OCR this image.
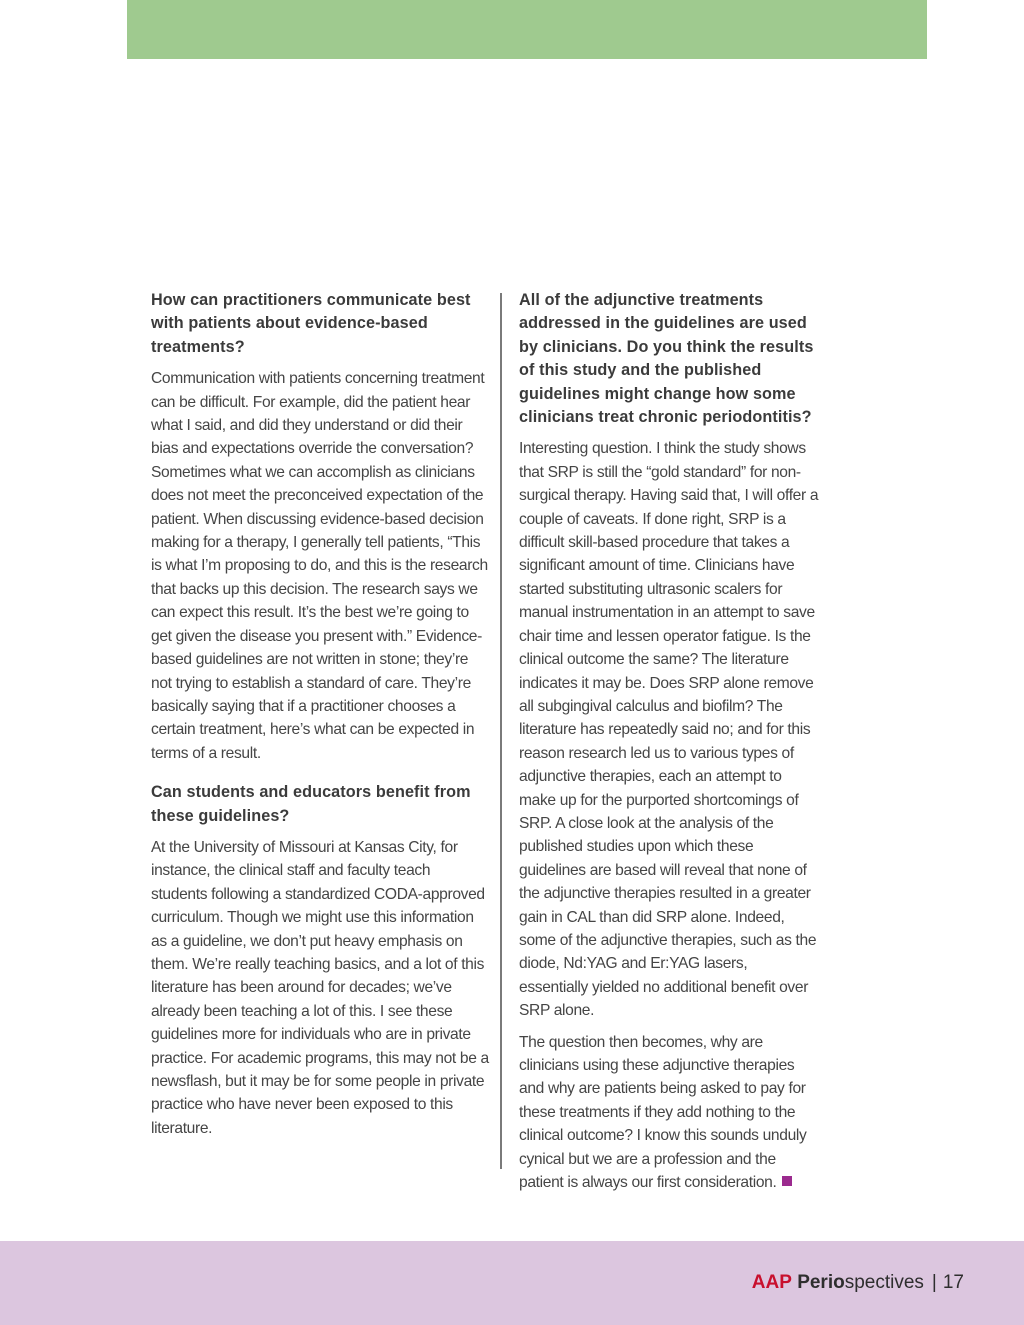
How can practitioners communicate best with patients about evidence-based treatments?

Communication with patients concerning treatment can be difficult. For example, did the patient hear what I said, and did they understand or did their bias and expectations override the conversation? Sometimes what we can accomplish as clinicians does not meet the preconceived expectation of the patient. When discussing evidence-based decision making for a therapy, I generally tell patients, “This is what I’m proposing to do, and this is the research that backs up this decision. The research says we can expect this result. It’s the best we’re going to get given the disease you present with.” Evidence-based guidelines are not written in stone; they’re not trying to establish a standard of care. They’re basically saying that if a practitioner chooses a certain treatment, here’s what can be expected in terms of a result.

Can students and educators benefit from these guidelines?

At the University of Missouri at Kansas City, for instance, the clinical staff and faculty teach students following a standardized CODA-approved curriculum. Though we might use this information as a guideline, we don’t put heavy emphasis on them. We’re really teaching basics, and a lot of this literature has been around for decades; we’ve already been teaching a lot of this. I see these guidelines more for individuals who are in private practice. For academic programs, this may not be a newsflash, but it may be for some people in private practice who have never been exposed to this literature.

All of the adjunctive treatments addressed in the guidelines are used by clinicians. Do you think the results of this study and the published guidelines might change how some clinicians treat chronic periodontitis?

Interesting question. I think the study shows that SRP is still the “gold standard” for non-surgical therapy. Having said that, I will offer a couple of caveats. If done right, SRP is a difficult skill-based procedure that takes a significant amount of time. Clinicians have started substituting ultrasonic scalers for manual instrumentation in an attempt to save chair time and lessen operator fatigue. Is the clinical outcome the same? The literature indicates it may be. Does SRP alone remove all subgingival calculus and biofilm? The literature has repeatedly said no; and for this reason research led us to various types of adjunctive therapies, each an attempt to make up for the purported shortcomings of SRP. A close look at the analysis of the published studies upon which these guidelines are based will reveal that none of the adjunctive therapies resulted in a greater gain in CAL than did SRP alone. Indeed, some of the adjunctive therapies, such as the diode, Nd:YAG and Er:YAG lasers, essentially yielded no additional benefit over SRP alone.

The question then becomes, why are clinicians using these adjunctive therapies and why are patients being asked to pay for these treatments if they add nothing to the clinical outcome? I know this sounds unduly cynical but we are a profession and the patient is always our first consideration.

AAP Periospectives | 17
